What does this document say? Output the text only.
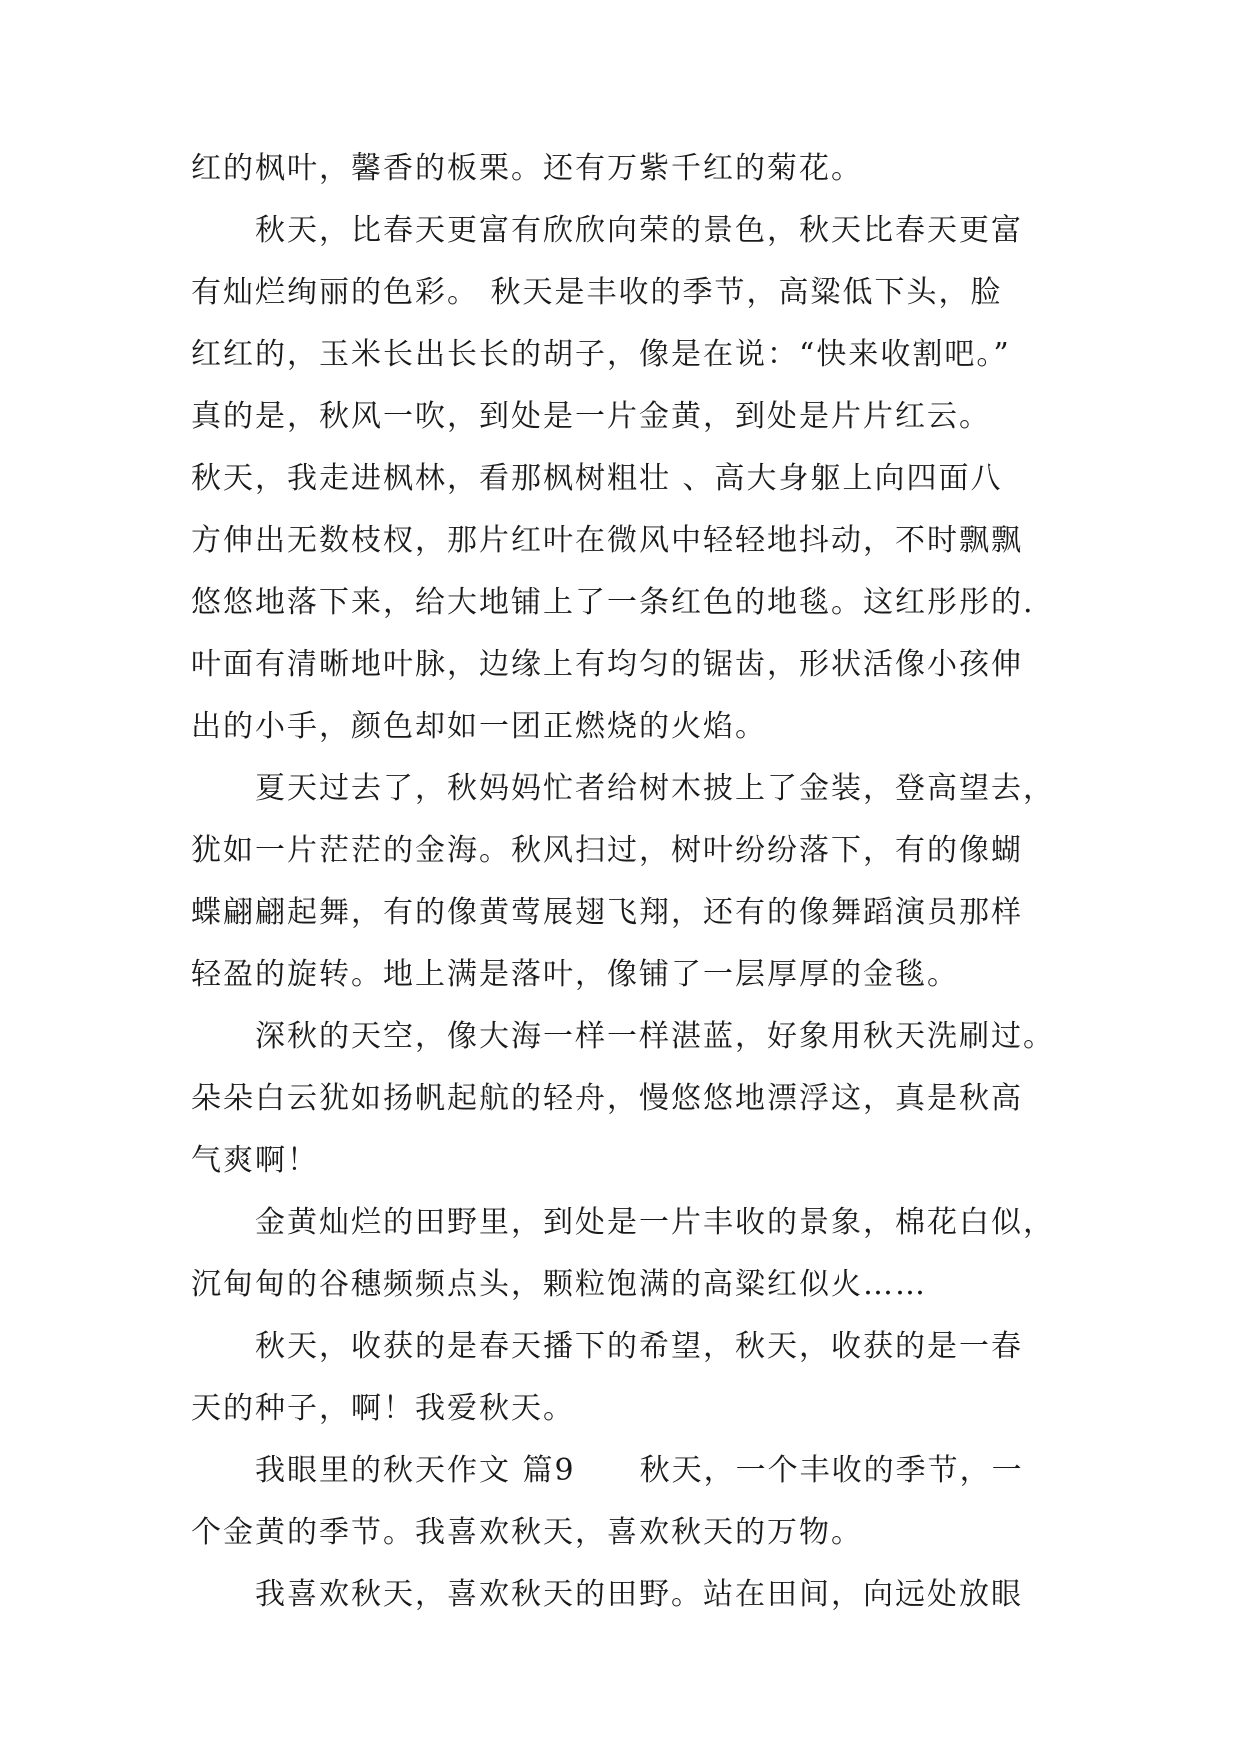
红的枫叶，馨香的板栗。还有万紫千红的菊花。
　　秋天，比春天更富有欣欣向荣的景色，秋天比春天更富
有灿烂绚丽的色彩。 秋天是丰收的季节，高粱低下头，脸
红红的，玉米长出长长的胡子，像是在说：“快来收割吧。”
真的是，秋风一吹，到处是一片金黄，到处是片片红云。
秋天，我走进枫林，看那枫树粗壮 、高大身躯上向四面八
方伸出无数枝杈，那片红叶在微风中轻轻地抖动，不时飘飘
悠悠地落下来，给大地铺上了一条红色的地毯。这红彤彤的.
叶面有清晰地叶脉，边缘上有均匀的锯齿，形状活像小孩伸
出的小手，颜色却如一团正燃烧的火焰。
　　夏天过去了，秋妈妈忙者给树木披上了金装，登高望去，
犹如一片茫茫的金海。秋风扫过，树叶纷纷落下，有的像蝴
蝶翩翩起舞，有的像黄莺展翅飞翔，还有的像舞蹈演员那样
轻盈的旋转。地上满是落叶，像铺了一层厚厚的金毯。
　　深秋的天空，像大海一样一样湛蓝，好象用秋天洗刷过。
朵朵白云犹如扬帆起航的轻舟，慢悠悠地漂浮这，真是秋高
气爽啊！
　　金黄灿烂的田野里，到处是一片丰收的景象，棉花白似，
沉甸甸的谷穗频频点头，颗粒饱满的高粱红似火……
　　秋天，收获的是春天播下的希望，秋天，收获的是一春
天的种子，啊！我爱秋天。
　　我眼里的秋天作文 篇9　　秋天，一个丰收的季节，一
个金黄的季节。我喜欢秋天，喜欢秋天的万物。
　　我喜欢秋天，喜欢秋天的田野。站在田间，向远处放眼
